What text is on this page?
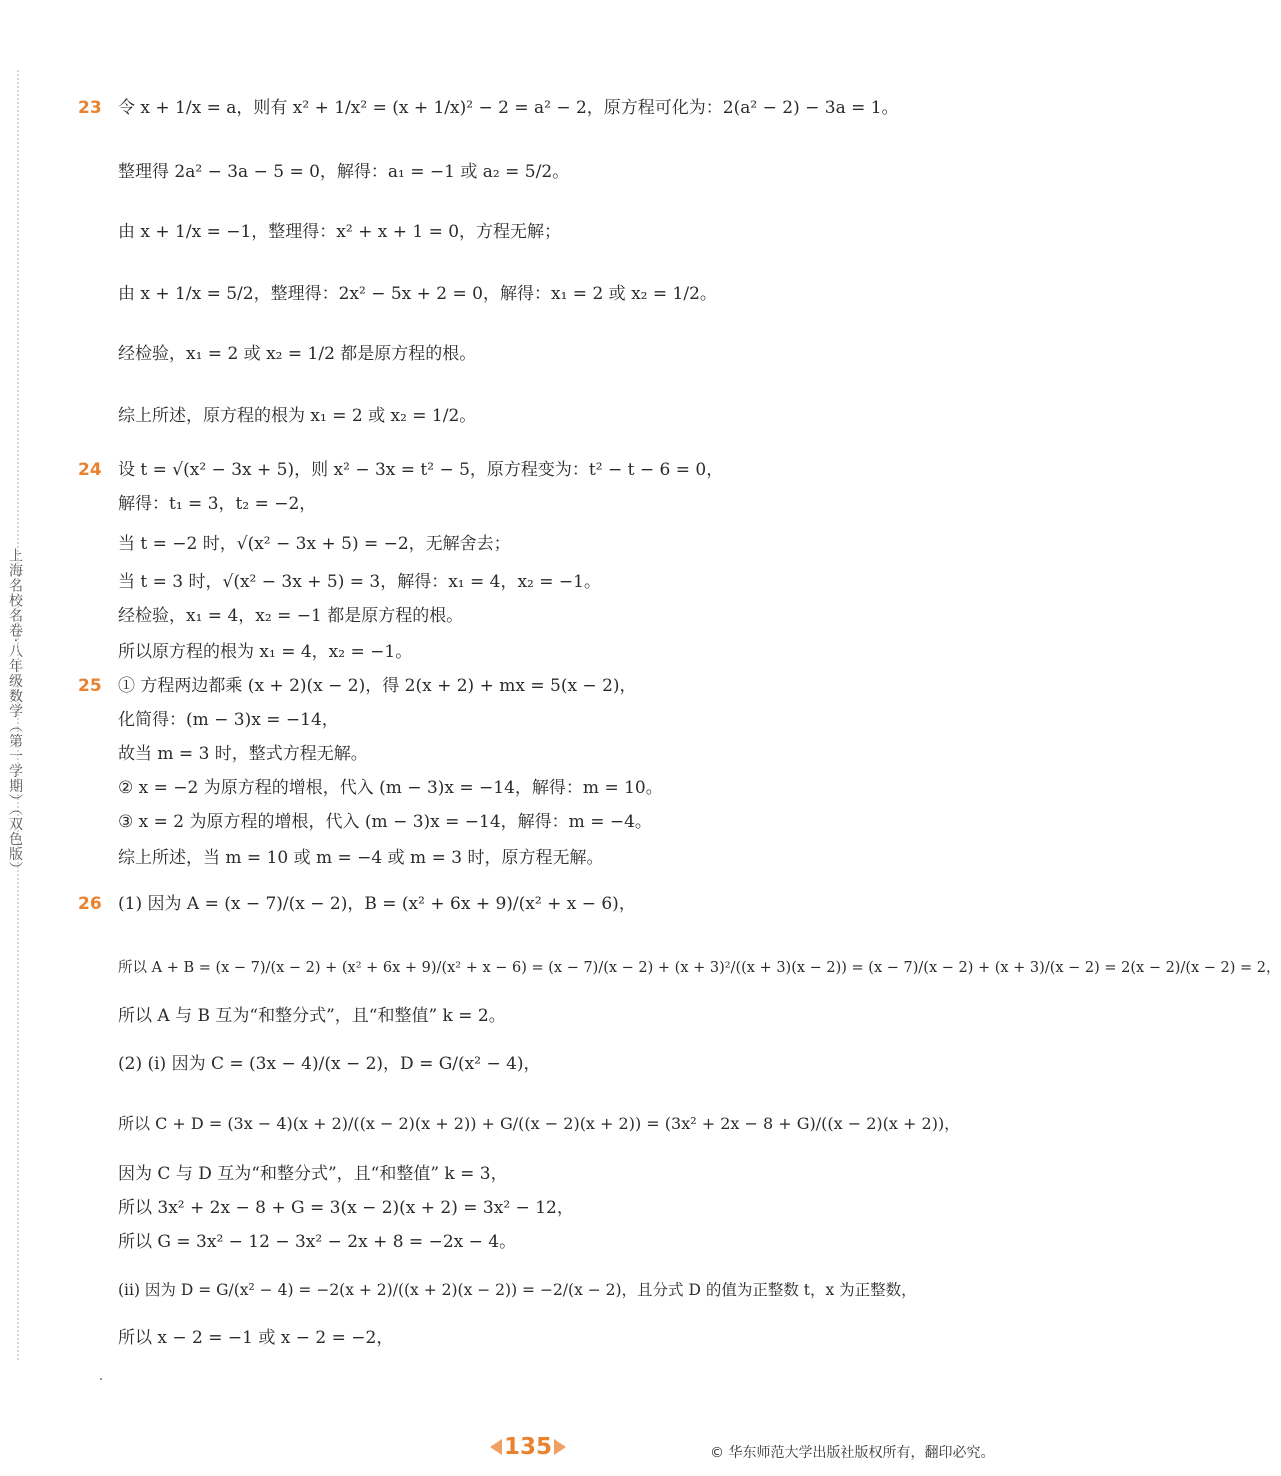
上海名校名卷·八年级数学（第一学期）（双色版）
23 令 x + 1/x = a，则有 x² + 1/x² = (x + 1/x)² − 2 = a² − 2，原方程可化为：2(a² − 2) − 3a = 1。
整理得 2a² − 3a − 5 = 0，解得：a₁ = −1 或 a₂ = 5/2。
由 x + 1/x = −1，整理得：x² + x + 1 = 0，方程无解；
由 x + 1/x = 5/2，整理得：2x² − 5x + 2 = 0，解得：x₁ = 2 或 x₂ = 1/2。
经检验，x₁ = 2 或 x₂ = 1/2 都是原方程的根。
综上所述，原方程的根为 x₁ = 2 或 x₂ = 1/2。
24 设 t = √(x² − 3x + 5)，则 x² − 3x = t² − 5，原方程变为：t² − t − 6 = 0，
解得：t₁ = 3，t₂ = −2，
当 t = −2 时，√(x² − 3x + 5) = −2，无解舍去；
当 t = 3 时，√(x² − 3x + 5) = 3，解得：x₁ = 4，x₂ = −1。
经检验，x₁ = 4，x₂ = −1 都是原方程的根。
所以原方程的根为 x₁ = 4，x₂ = −1。
25 ① 方程两边都乘 (x + 2)(x − 2)，得 2(x + 2) + mx = 5(x − 2)，
化简得：(m − 3)x = −14，
故当 m = 3 时，整式方程无解。
② x = −2 为原方程的增根，代入 (m − 3)x = −14，解得：m = 10。
③ x = 2 为原方程的增根，代入 (m − 3)x = −14，解得：m = −4。
综上所述，当 m = 10 或 m = −4 或 m = 3 时，原方程无解。
26 (1) 因为 A = (x − 7)/(x − 2)，B = (x² + 6x + 9)/(x² + x − 6)，
所以 A + B = (x − 7)/(x − 2) + (x² + 6x + 9)/(x² + x − 6) = (x − 7)/(x − 2) + (x + 3)²/((x + 3)(x − 2)) = (x − 7)/(x − 2) + (x + 3)/(x − 2) = 2(x − 2)/(x − 2) = 2，
所以 A 与 B 互为“和整分式”，且“和整值” k = 2。
(2) (i) 因为 C = (3x − 4)/(x − 2)，D = G/(x² − 4)，
所以 C + D = (3x − 4)(x + 2)/((x − 2)(x + 2)) + G/((x − 2)(x + 2)) = (3x² + 2x − 8 + G)/((x − 2)(x + 2))，
因为 C 与 D 互为“和整分式”，且“和整值” k = 3，
所以 3x² + 2x − 8 + G = 3(x − 2)(x + 2) = 3x² − 12，
所以 G = 3x² − 12 − 3x² − 2x + 8 = −2x − 4。
(ii) 因为 D = G/(x² − 4) = −2(x + 2)/((x + 2)(x − 2)) = −2/(x − 2)，且分式 D 的值为正整数 t，x 为正整数，
所以 x − 2 = −1 或 x − 2 = −2，
135	© 华东师范大学出版社版权所有，翻印必究。
